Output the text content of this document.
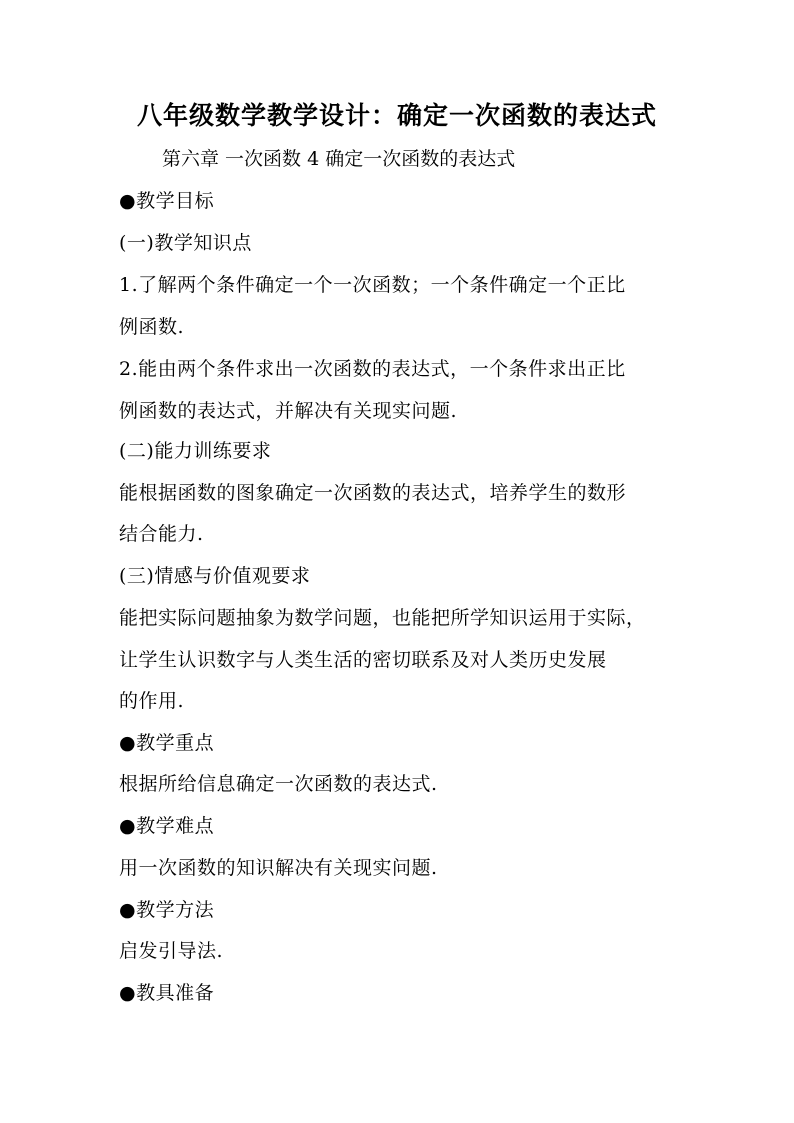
八年级数学教学设计：确定一次函数的表达式
第六章 一次函数 4 确定一次函数的表达式
●教学目标
(一)教学知识点
1.了解两个条件确定一个一次函数；一个条件确定一个正比
例函数.
2.能由两个条件求出一次函数的表达式，一个条件求出正比
例函数的表达式，并解决有关现实问题.
(二)能力训练要求
能根据函数的图象确定一次函数的表达式，培养学生的数形
结合能力.
(三)情感与价值观要求
能把实际问题抽象为数学问题，也能把所学知识运用于实际，
让学生认识数字与人类生活的密切联系及对人类历史发展
的作用.
●教学重点
根据所给信息确定一次函数的表达式.
●教学难点
用一次函数的知识解决有关现实问题.
●教学方法
启发引导法.
●教具准备
